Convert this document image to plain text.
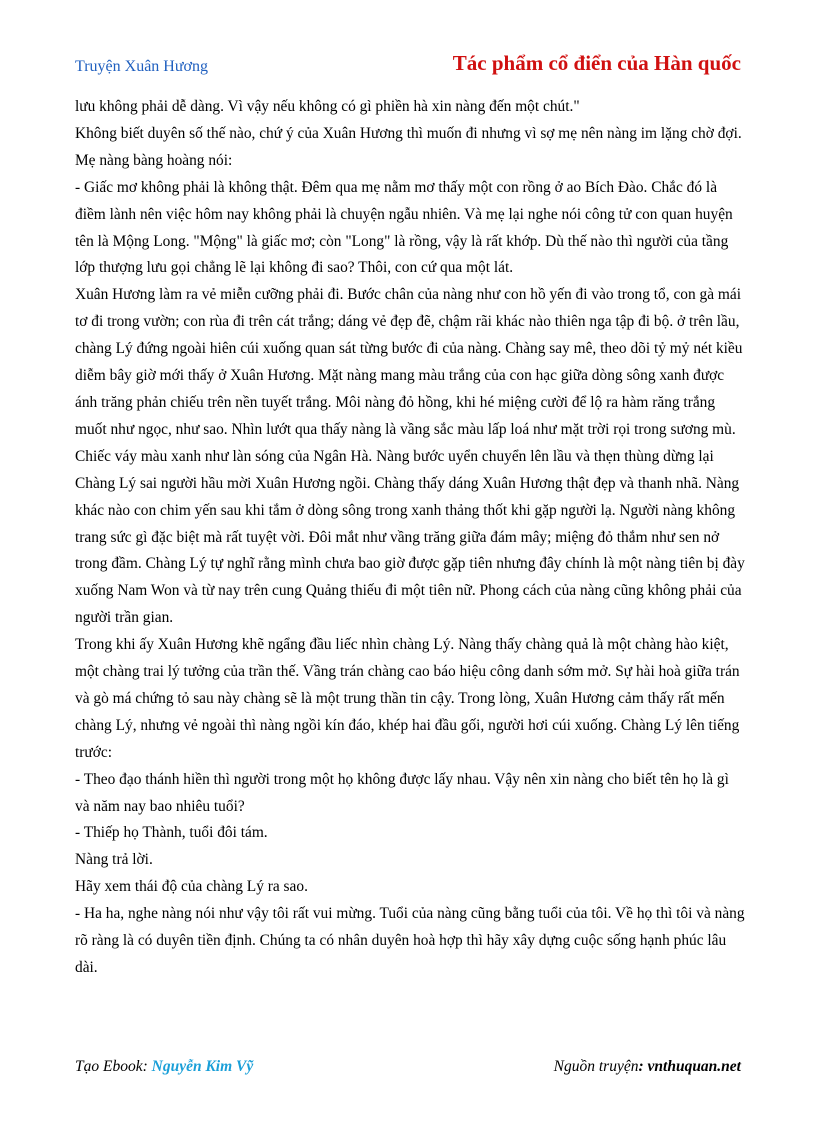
Truyện Xuân Hương	Tác phẩm cổ điển của Hàn quốc

lưu không phải dễ dàng. Vì vậy nếu không có gì phiền hà xin nàng đến một chút."

Không biết duyên số thế nào, chứ ý của Xuân Hương thì muốn đi nhưng vì sợ mẹ nên nàng im lặng chờ đợi. Mẹ nàng bàng hoàng nói:

- Giấc mơ không phải là không thật. Đêm qua mẹ nằm mơ thấy một con rồng ở ao Bích Đào. Chắc đó là điềm lành nên việc hôm nay không phải là chuyện ngẫu nhiên. Và mẹ lại nghe nói công tử con quan huyện tên là Mộng Long. "Mộng" là giấc mơ; còn "Long" là rồng, vậy là rất khớp. Dù thế nào thì người của tầng lớp thượng lưu gọi chẳng lẽ lại không đi sao? Thôi, con cứ qua một lát.

Xuân Hương làm ra vẻ miễn cưỡng phải đi. Bước chân của nàng như con hồ yến đi vào trong tổ, con gà mái tơ đi trong vườn; con rùa đi trên cát trắng; dáng vẻ đẹp đẽ, chậm rãi khác nào thiên nga tập đi bộ. ở trên lầu, chàng Lý đứng ngoài hiên cúi xuống quan sát từng bước đi của nàng. Chàng say mê, theo dõi tỷ mỷ nét kiều diễm bây giờ mới thấy ở Xuân Hương. Mặt nàng mang màu trắng của con hạc giữa dòng sông xanh được ánh trăng phản chiếu trên nền tuyết trắng. Môi nàng đỏ hồng, khi hé miệng cười để lộ ra hàm răng trắng muốt như ngọc, như sao. Nhìn lướt qua thấy nàng là vầng sắc màu lấp loá như mặt trời rọi trong sương mù. Chiếc váy màu xanh như làn sóng của Ngân Hà. Nàng bước uyển chuyển lên lầu và thẹn thùng dừng lại Chàng Lý sai người hầu mời Xuân Hương ngồi. Chàng thấy dáng Xuân Hương thật đẹp và thanh nhã. Nàng khác nào con chim yến sau khi tắm ở dòng sông trong xanh thảng thốt khi gặp người lạ. Người nàng không trang sức gì đặc biệt mà rất tuyệt vời. Đôi mắt như vầng trăng giữa đám mây; miệng đỏ thắm như sen nở trong đầm. Chàng Lý tự nghĩ rằng mình chưa bao giờ được gặp tiên nhưng đây chính là một nàng tiên bị đày xuống Nam Won và từ nay trên cung Quảng thiếu đi một tiên nữ. Phong cách của nàng cũng không phải của người trần gian.

Trong khi ấy Xuân Hương khẽ ngẩng đầu liếc nhìn chàng Lý. Nàng thấy chàng quả là một chàng hào kiệt, một chàng trai lý tưởng của trần thế. Vầng trán chàng cao báo hiệu công danh sớm mở. Sự hài hoà giữa trán và gò má chứng tỏ sau này chàng sẽ là một trung thần tin cậy. Trong lòng, Xuân Hương cảm thấy rất mến chàng Lý, nhưng vẻ ngoài thì nàng ngồi kín đáo, khép hai đầu gối, người hơi cúi xuống. Chàng Lý lên tiếng trước:

- Theo đạo thánh hiền thì người trong một họ không được lấy nhau. Vậy nên xin nàng cho biết tên họ là gì và năm nay bao nhiêu tuổi?

- Thiếp họ Thành, tuổi đôi tám.

Nàng trả lời.

Hãy xem thái độ của chàng Lý ra sao.

- Ha ha, nghe nàng nói như vậy tôi rất vui mừng. Tuổi của nàng cũng bằng tuổi của tôi. Về họ thì tôi và nàng rõ ràng là có duyên tiền định. Chúng ta có nhân duyên hoà hợp thì hãy xây dựng cuộc sống hạnh phúc lâu dài.

Tạo Ebook: Nguyễn Kim Vỹ	Nguồn truyện: vnthuquan.net
